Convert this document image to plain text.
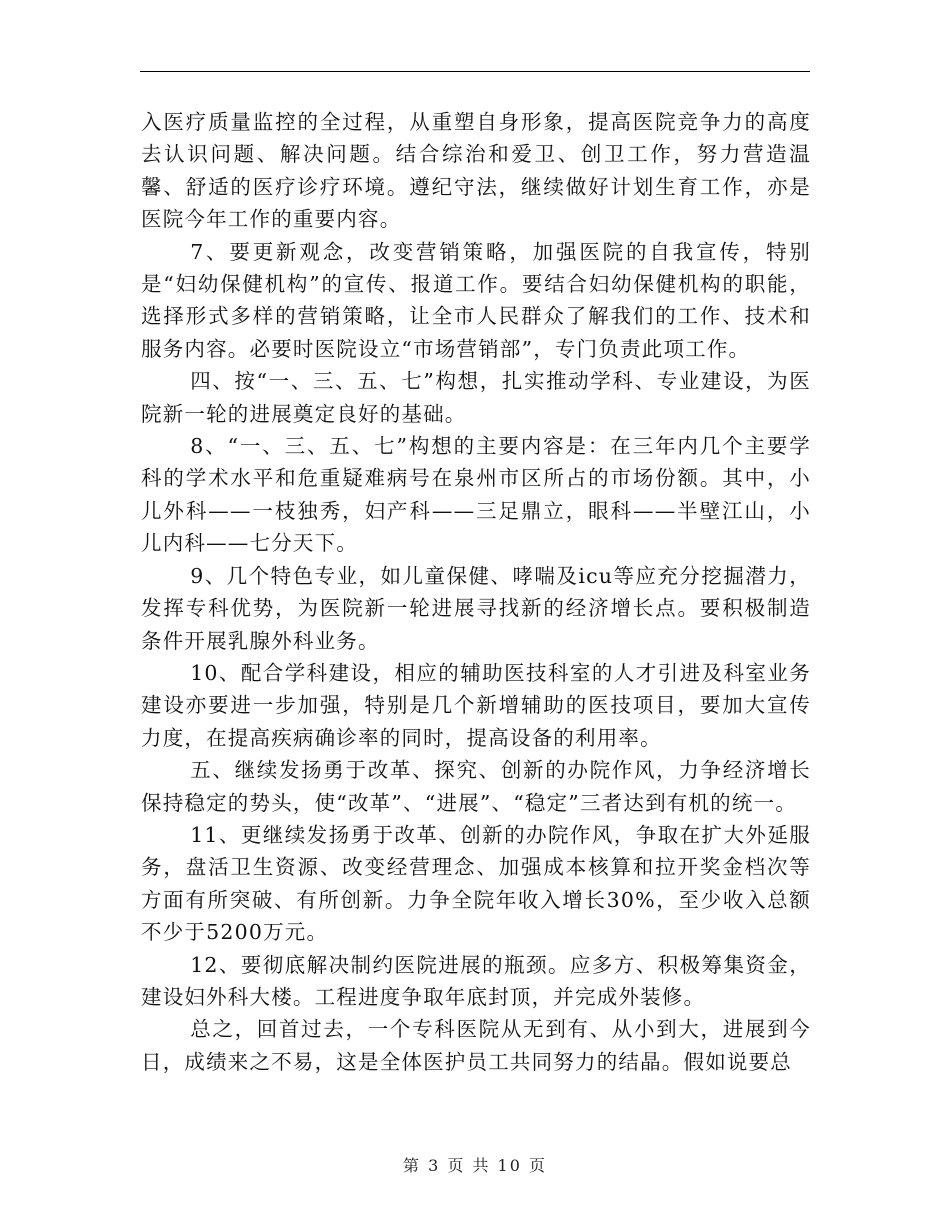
入医疗质量监控的全过程，从重塑自身形象，提高医院竞争力的高度去认识问题、解决问题。结合综治和爱卫、创卫工作，努力营造温馨、舒适的医疗诊疗环境。遵纪守法，继续做好计划生育工作，亦是医院今年工作的重要内容。

7、要更新观念，改变营销策略，加强医院的自我宣传，特别是“妇幼保健机构”的宣传、报道工作。要结合妇幼保健机构的职能，选择形式多样的营销策略，让全市人民群众了解我们的工作、技术和服务内容。必要时医院设立“市场营销部”，专门负责此项工作。

四、按“一、三、五、七”构想，扎实推动学科、专业建设，为医院新一轮的进展奠定良好的基础。

8、“一、三、五、七”构想的主要内容是：在三年内几个主要学科的学术水平和危重疑难病号在泉州市区所占的市场份额。其中，小儿外科——一枝独秀，妇产科——三足鼎立，眼科——半壁江山，小儿内科——七分天下。

9、几个特色专业，如儿童保健、哮喘及icu等应充分挖掘潜力，发挥专科优势，为医院新一轮进展寻找新的经济增长点。要积极制造条件开展乳腺外科业务。

10、配合学科建设，相应的辅助医技科室的人才引进及科室业务建设亦要进一步加强，特别是几个新增辅助的医技项目，要加大宣传力度，在提高疾病确诊率的同时，提高设备的利用率。

五、继续发扬勇于改革、探究、创新的办院作风，力争经济增长保持稳定的势头，使“改革”、“进展”、“稳定”三者达到有机的统一。

11、更继续发扬勇于改革、创新的办院作风，争取在扩大外延服务，盘活卫生资源、改变经营理念、加强成本核算和拉开奖金档次等方面有所突破、有所创新。力争全院年收入增长30%，至少收入总额不少于5200万元。

12、要彻底解决制约医院进展的瓶颈。应多方、积极筹集资金，建设妇外科大楼。工程进度争取年底封顶，并完成外装修。

总之，回首过去，一个专科医院从无到有、从小到大，进展到今日，成绩来之不易，这是全体医护员工共同努力的结晶。假如说要总

第 3 页 共 10 页
